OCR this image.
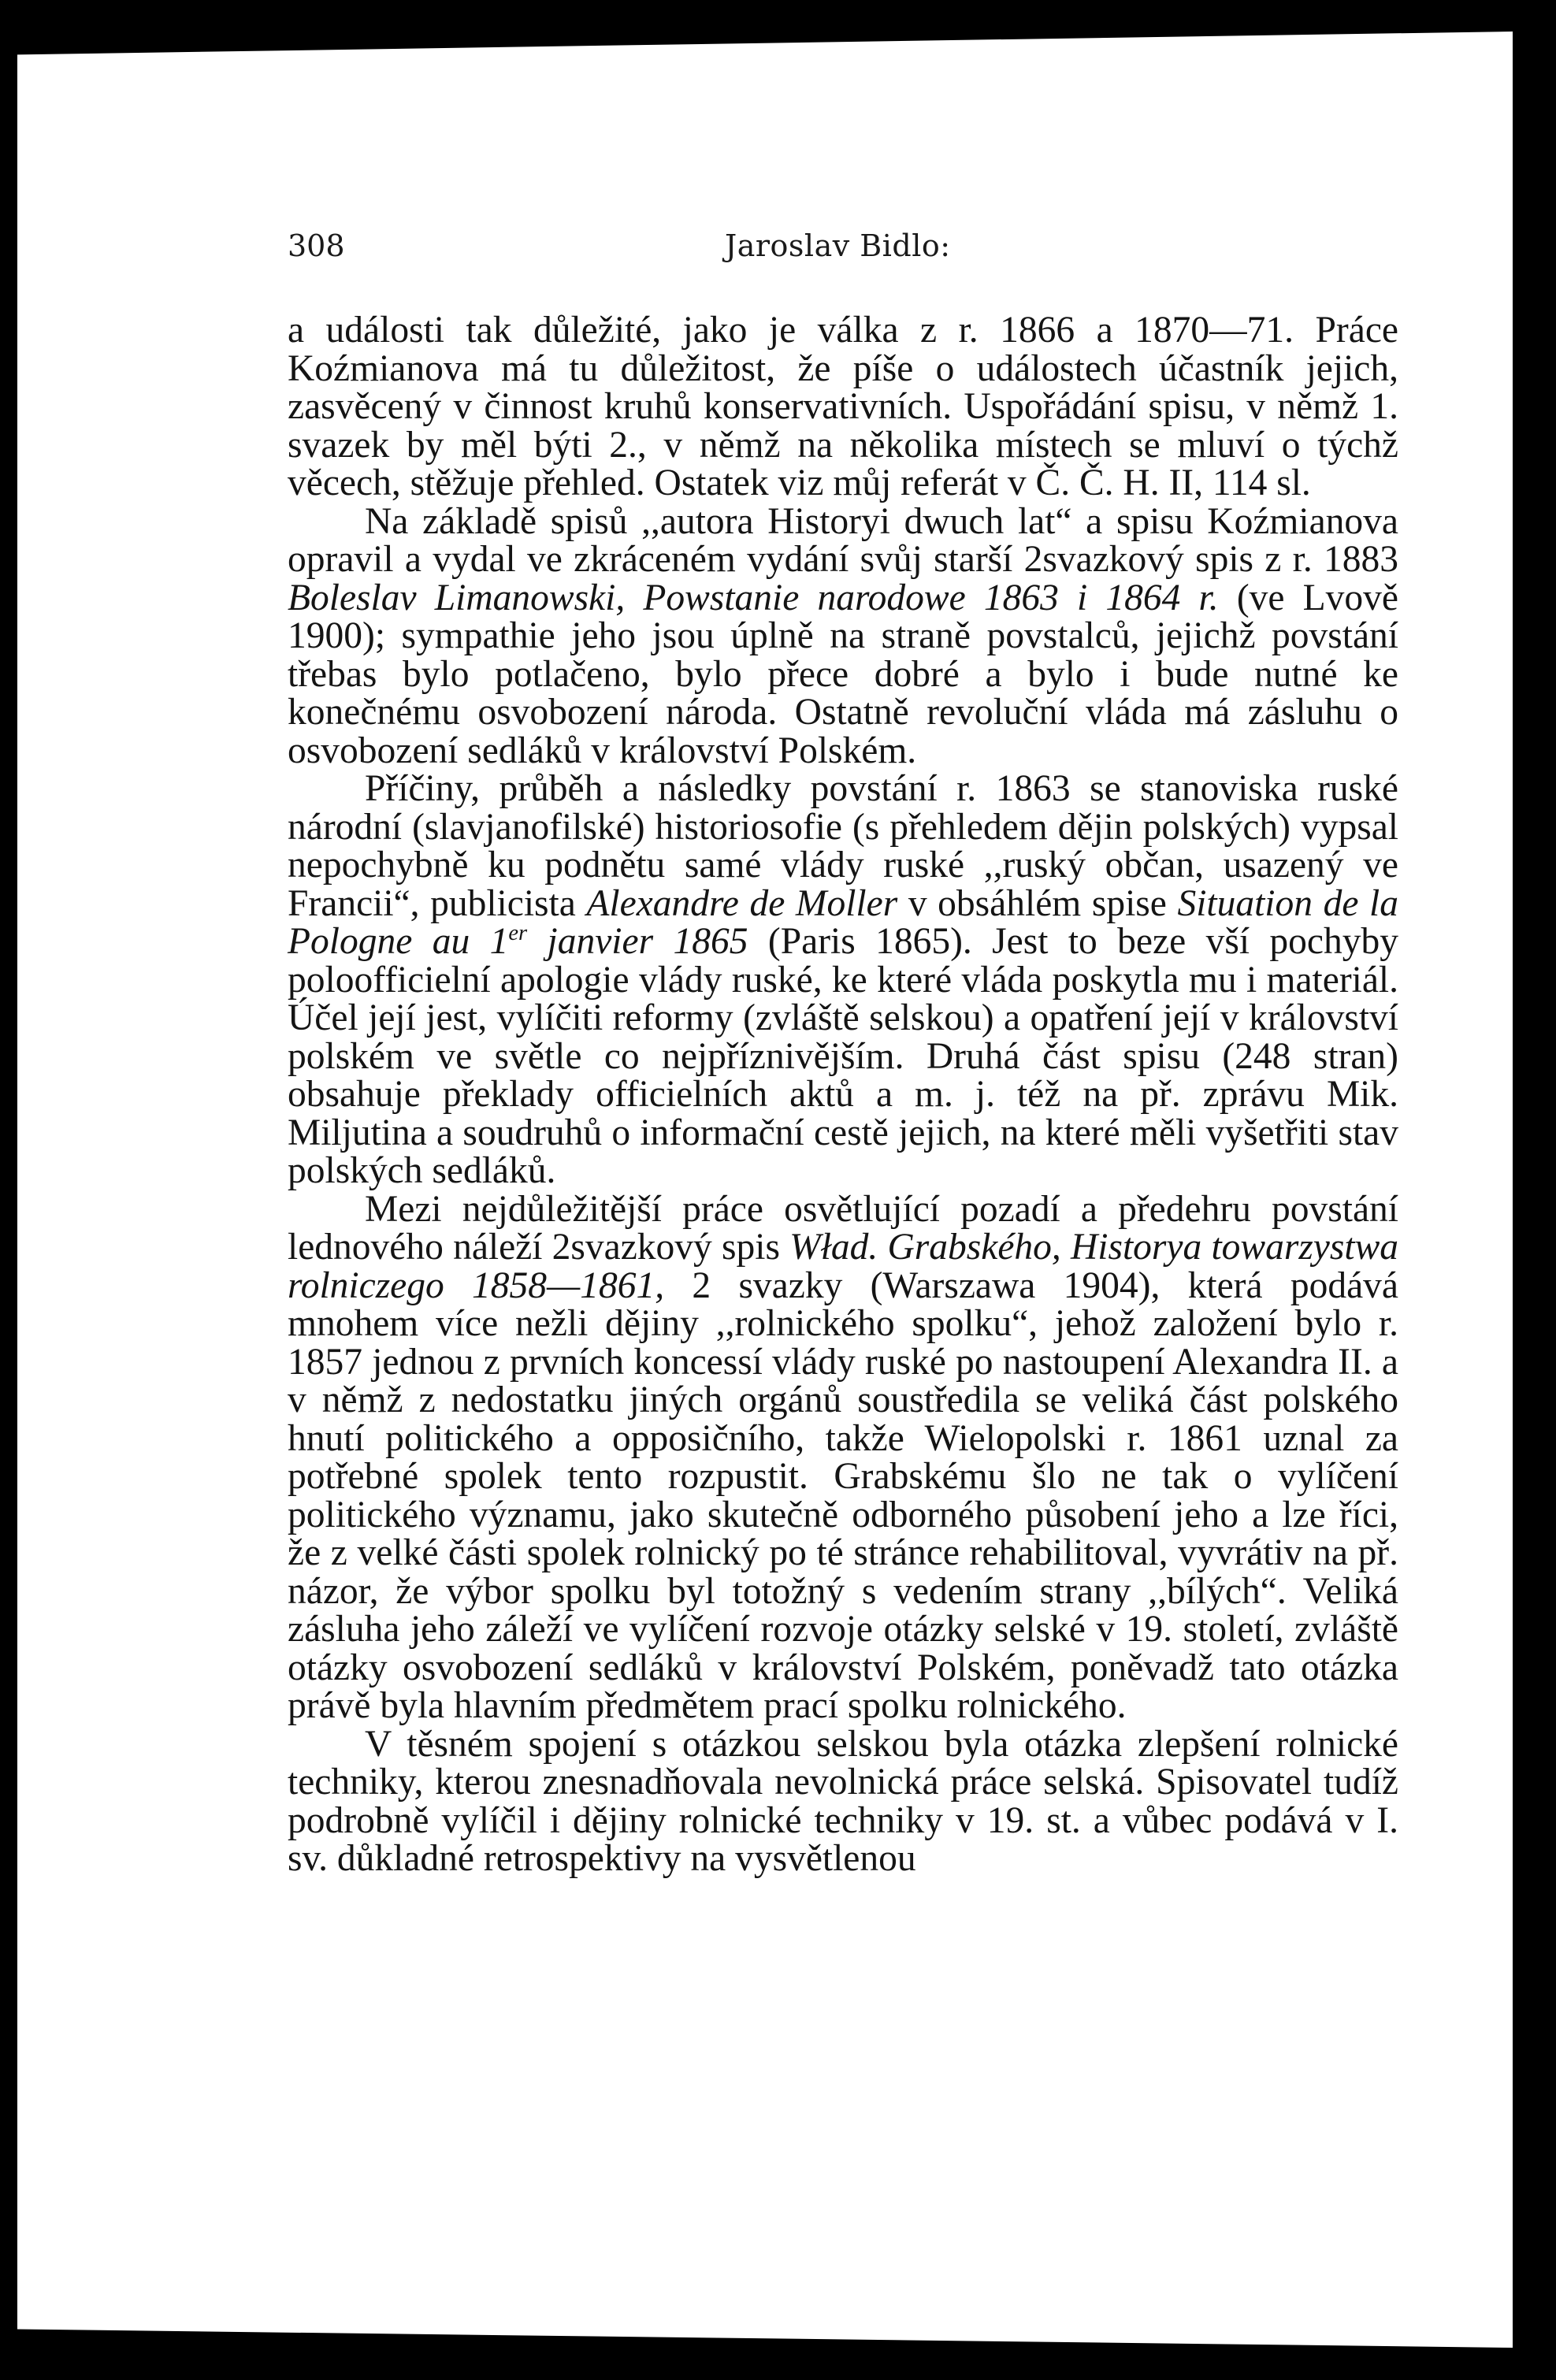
308	Jaroslav Bidlo:

a události tak důležité, jako je válka z r. 1866 a 1870—71. Práce Koźmianova má tu důležitost, že píše o událostech účastník jejich, zasvěcený v činnost kruhů konservativních. Uspořádání spisu, v němž 1. svazek by měl býti 2., v němž na několika místech se mluví o týchž věcech, stěžuje přehled. Ostatek viz můj referát v Č. Č. H. II, 114 sl.

Na základě spisů ,,autora Historyi dwuch lat“ a spisu Koźmianova opravil a vydal ve zkráceném vydání svůj starší 2svazkový spis z r. 1883 Boleslav Limanowski, Powstanie narodowe 1863 i 1864 r. (ve Lvově 1900); sympathie jeho jsou úplně na straně povstalců, jejichž povstání třebas bylo potlačeno, bylo přece dobré a bylo i bude nutné ke konečnému osvobození národa. Ostatně revoluční vláda má zásluhu o osvobození sedláků v království Polském.

Příčiny, průběh a následky povstání r. 1863 se stanoviska ruské národní (slavjanofilské) historiosofie (s přehledem dějin polských) vypsal nepochybně ku podnětu samé vlády ruské ,,ruský občan, usazený ve Francii“, publicista Alexandre de Moller v obsáhlém spise Situation de la Pologne au 1er janvier 1865 (Paris 1865). Jest to beze vší pochyby poloofficielní apologie vlády ruské, ke které vláda poskytla mu i materiál. Účel její jest, vylíčiti reformy (zvláště selskou) a opatření její v království polském ve světle co nejpříznivějším. Druhá část spisu (248 stran) obsahuje překlady officielních aktů a m. j. též na př. zprávu Mik. Miljutina a soudruhů o informační cestě jejich, na které měli vyšetřiti stav polských sedláků.

Mezi nejdůležitější práce osvětlující pozadí a předehru povstání lednového náleží 2svazkový spis Wład. Grabského, Historya towarzystwa rolniczego 1858—1861, 2 svazky (Warszawa 1904), která podává mnohem více nežli dějiny ,,rolnického spolku“, jehož založení bylo r. 1857 jednou z prvních koncessí vlády ruské po nastoupení Alexandra II. a v němž z nedostatku jiných orgánů soustředila se veliká část polského hnutí politického a opposičního, takže Wielopolski r. 1861 uznal za potřebné spolek tento rozpustit. Grabskému šlo ne tak o vylíčení politického významu, jako skutečně odborného působení jeho a lze říci, že z velké části spolek rolnický po té stránce rehabilitoval, vyvrátiv na př. názor, že výbor spolku byl totožný s vedením strany ,,bílých“. Veliká zásluha jeho záleží ve vylíčení rozvoje otázky selské v 19. století, zvláště otázky osvobození sedláků v království Polském, poněvadž tato otázka právě byla hlavním předmětem prací spolku rolnického.

V těsném spojení s otázkou selskou byla otázka zlepšení rolnické techniky, kterou znesnadňovala nevolnická práce selská. Spisovatel tudíž podrobně vylíčil i dějiny rolnické techniky v 19. st. a vůbec podává v I. sv. důkladné retrospektivy na vysvětlenou
